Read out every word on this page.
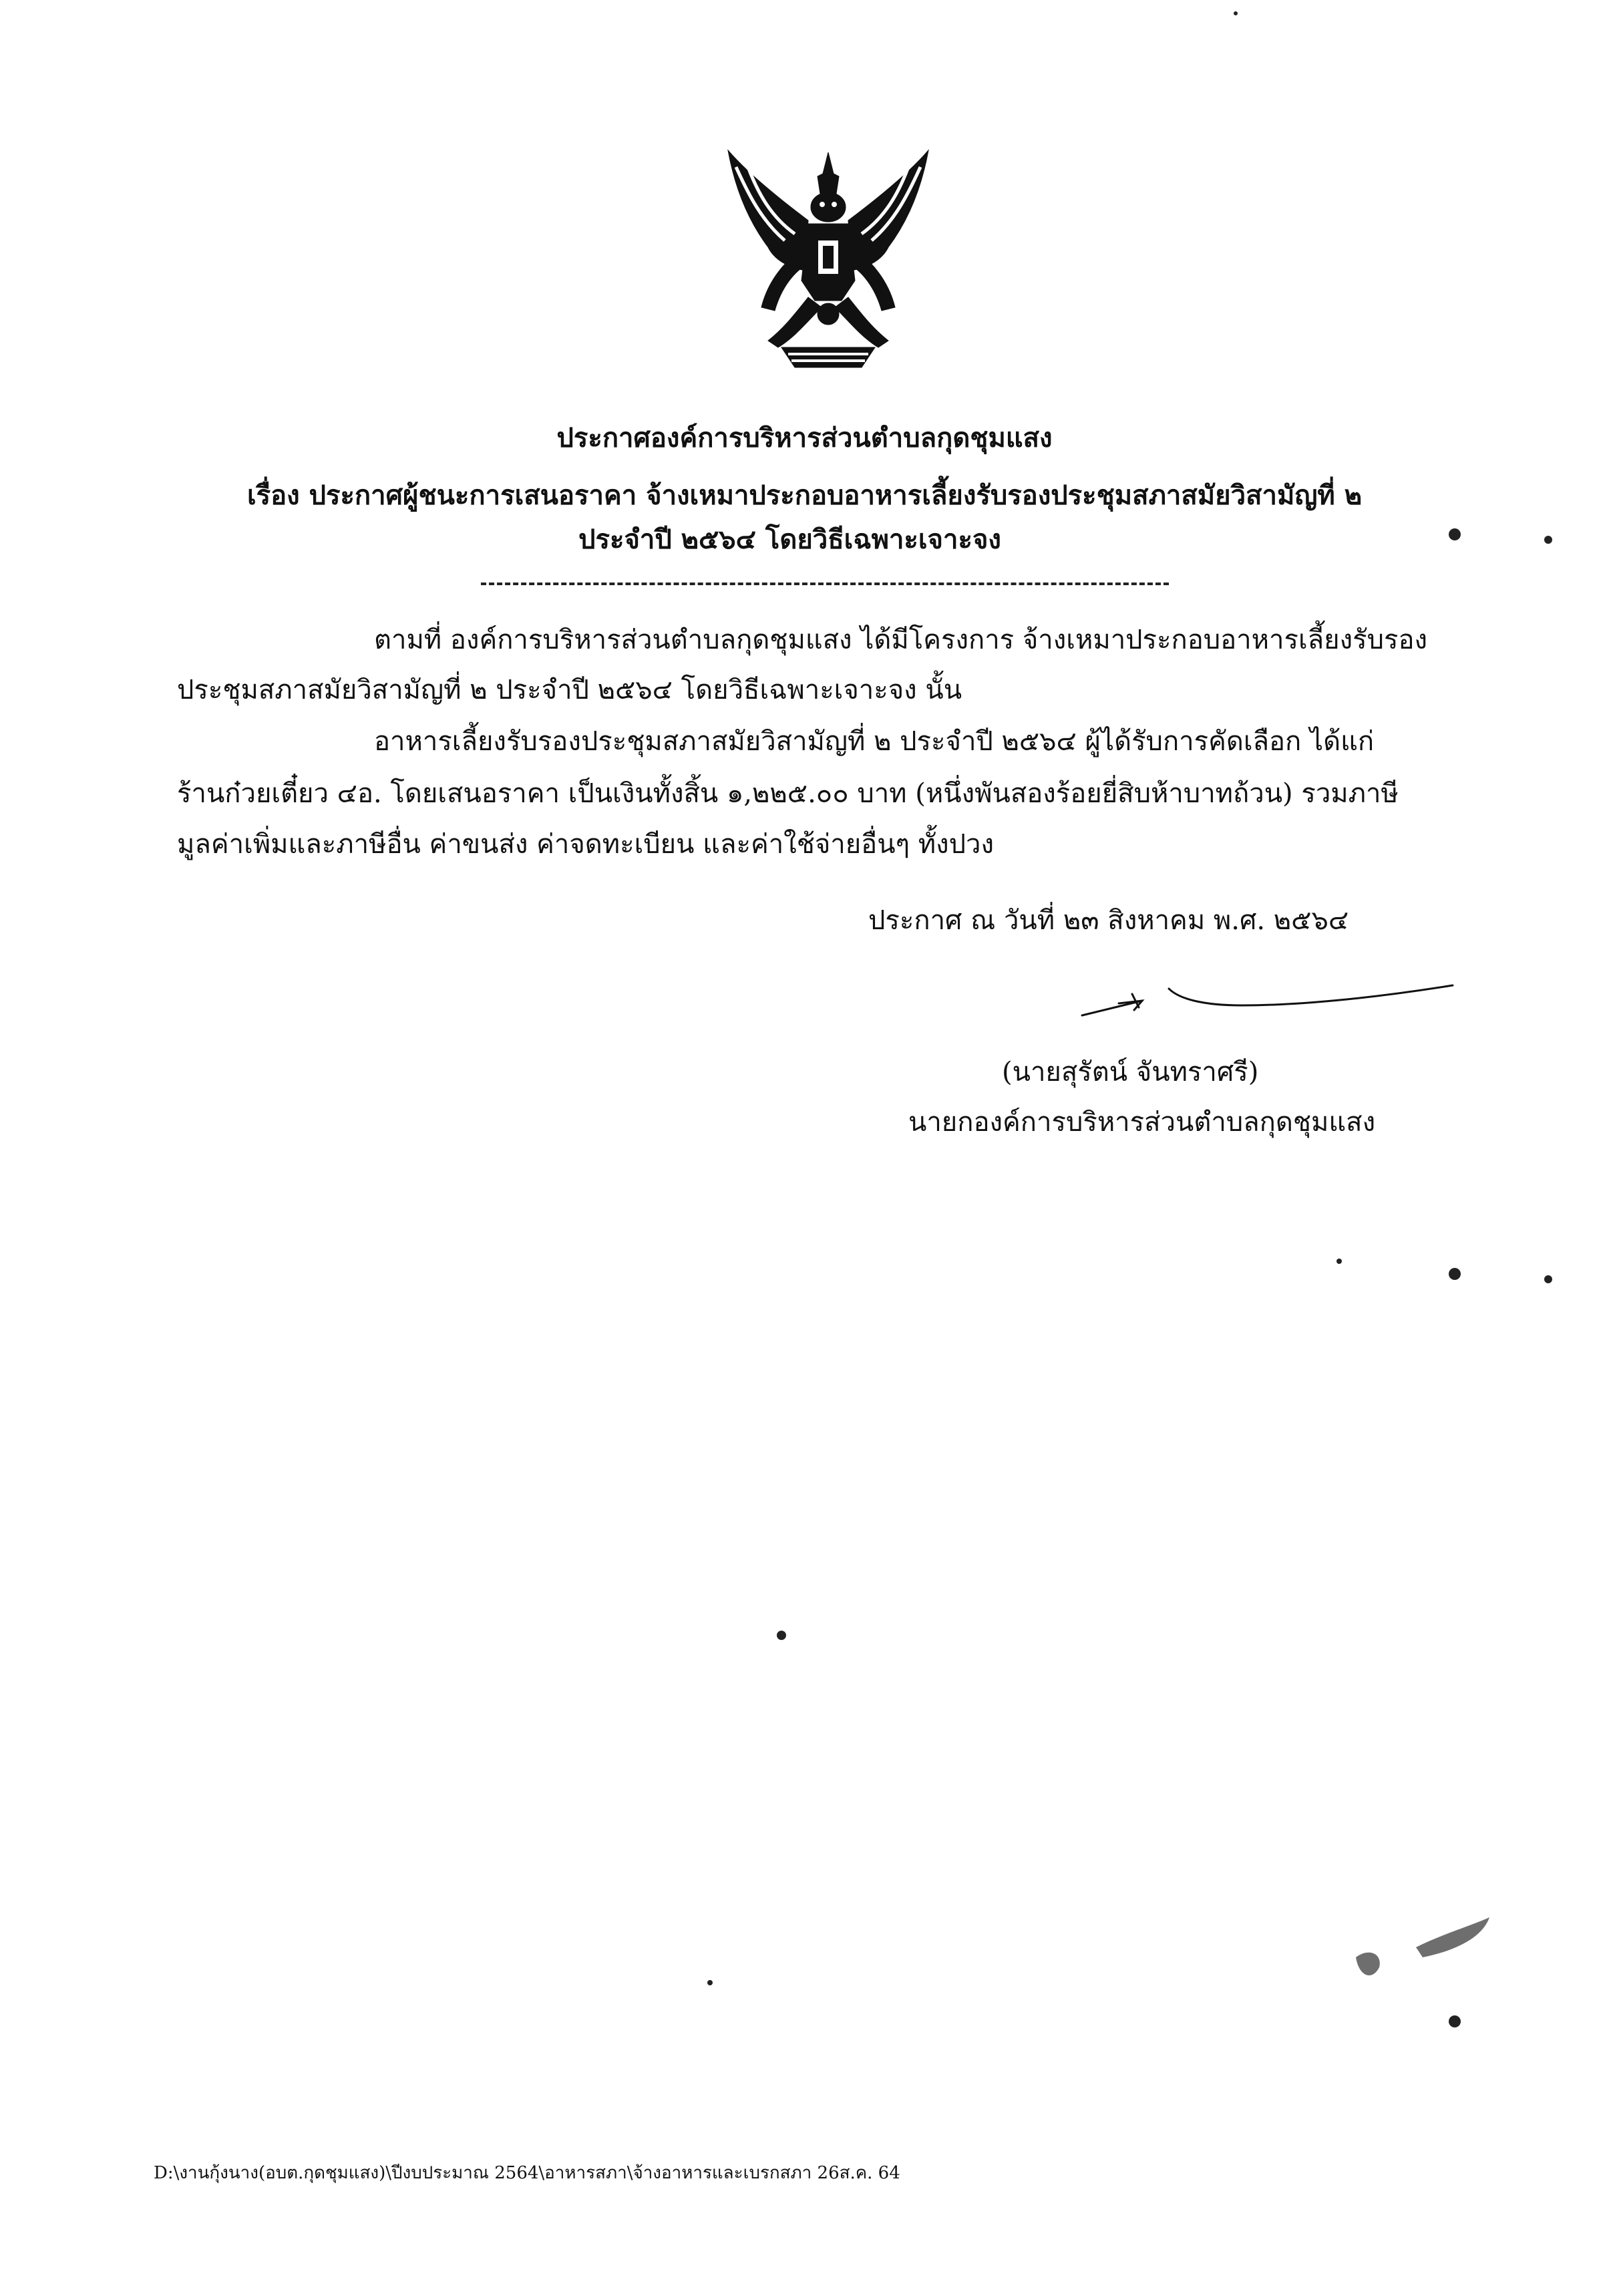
ประกาศองค์การบริหารส่วนตำบลกุดชุมแสง
เรื่อง ประกาศผู้ชนะการเสนอราคา จ้างเหมาประกอบอาหารเลี้ยงรับรองประชุมสภาสมัยวิสามัญที่ ๒
ประจำปี ๒๕๖๔ โดยวิธีเฉพาะเจาะจง
ตามที่ องค์การบริหารส่วนตำบลกุดชุมแสง ได้มีโครงการ จ้างเหมาประกอบอาหารเลี้ยงรับรอง
ประชุมสภาสมัยวิสามัญที่ ๒ ประจำปี ๒๕๖๔ โดยวิธีเฉพาะเจาะจง นั้น
อาหารเลี้ยงรับรองประชุมสภาสมัยวิสามัญที่ ๒ ประจำปี ๒๕๖๔ ผู้ได้รับการคัดเลือก ได้แก่
ร้านก๋วยเตี๋ยว ๔อ. โดยเสนอราคา เป็นเงินทั้งสิ้น ๑,๒๒๕.๐๐ บาท (หนึ่งพันสองร้อยยี่สิบห้าบาทถ้วน) รวมภาษี
มูลค่าเพิ่มและภาษีอื่น ค่าขนส่ง ค่าจดทะเบียน และค่าใช้จ่ายอื่นๆ ทั้งปวง
ประกาศ ณ วันที่ ๒๓ สิงหาคม พ.ศ. ๒๕๖๔
(นายสุรัตน์ จันทราศรี)
นายกองค์การบริหารส่วนตำบลกุดชุมแสง
D:\งานกุ้งนาง(อบต.กุดชุมแสง)\ปีงบประมาณ 2564\อาหารสภา\จ้างอาหารและเบรกสภา 26ส.ค. 64
